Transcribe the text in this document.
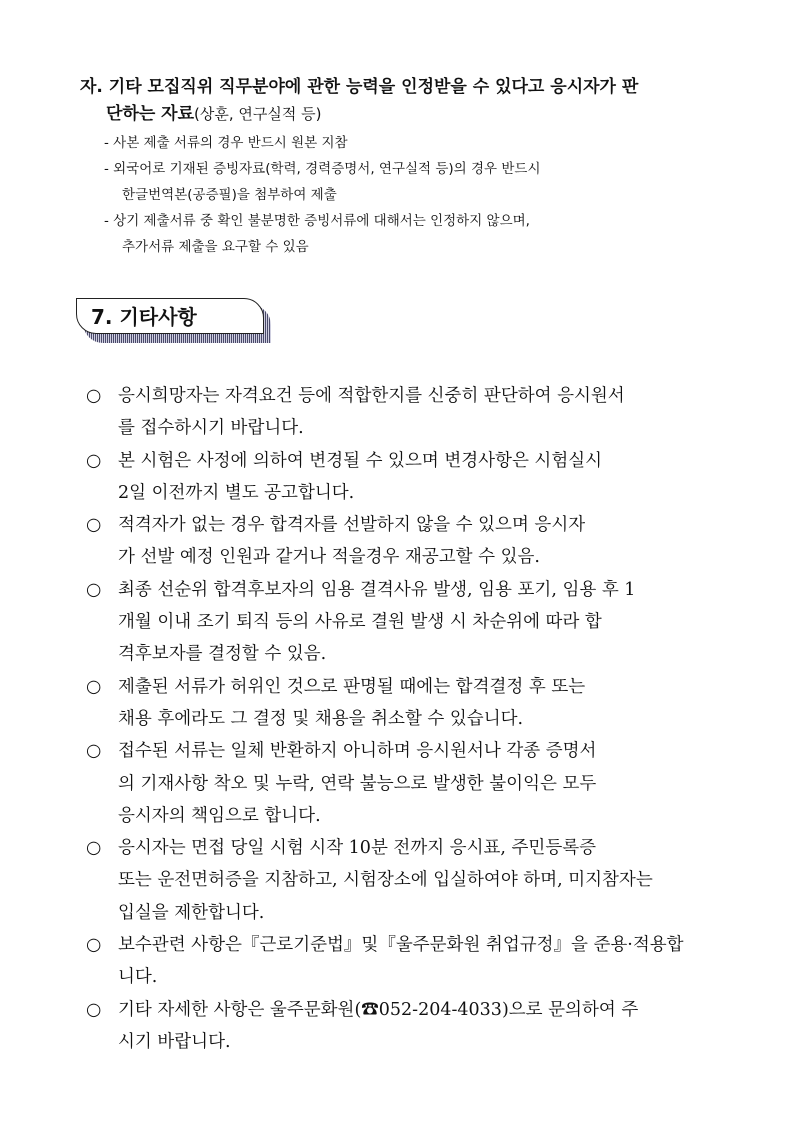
자. 기타 모집직위 직무분야에 관한 능력을 인정받을 수 있다고 응시자가 판
단하는 자료(상훈, 연구실적 등)
- 사본 제출 서류의 경우 반드시 원본 지참
- 외국어로 기재된 증빙자료(학력, 경력증명서, 연구실적 등)의 경우 반드시
한글번역본(공증필)을 첨부하여 제출
- 상기 제출서류 중 확인 불분명한 증빙서류에 대해서는 인정하지 않으며,
추가서류 제출을 요구할 수 있음
7. 기타사항
○ 응시희망자는 자격요건 등에 적합한지를 신중히 판단하여 응시원서
를 접수하시기 바랍니다.
○ 본 시험은 사정에 의하여 변경될 수 있으며 변경사항은 시험실시
2일 이전까지 별도 공고합니다.
○ 적격자가 없는 경우 합격자를 선발하지 않을 수 있으며 응시자
가 선발 예정 인원과 같거나 적을경우 재공고할 수 있음.
○ 최종 선순위 합격후보자의 임용 결격사유 발생, 임용 포기, 임용 후 1
개월 이내 조기 퇴직 등의 사유로 결원 발생 시 차순위에 따라 합
격후보자를 결정할 수 있음.
○ 제출된 서류가 허위인 것으로 판명될 때에는 합격결정 후 또는
채용 후에라도 그 결정 및 채용을 취소할 수 있습니다.
○ 접수된 서류는 일체 반환하지 아니하며 응시원서나 각종 증명서
의 기재사항 착오 및 누락, 연락 불능으로 발생한 불이익은 모두
응시자의 책임으로 합니다.
○ 응시자는 면접 당일 시험 시작 10분 전까지 응시표, 주민등록증
또는 운전면허증을 지참하고, 시험장소에 입실하여야 하며, 미지참자는
입실을 제한합니다.
○ 보수관련 사항은『근로기준법』및『울주문화원 취업규정』을 준용·적용합
니다.
○ 기타 자세한 사항은 울주문화원(☎052-204-4033)으로 문의하여 주
시기 바랍니다.
